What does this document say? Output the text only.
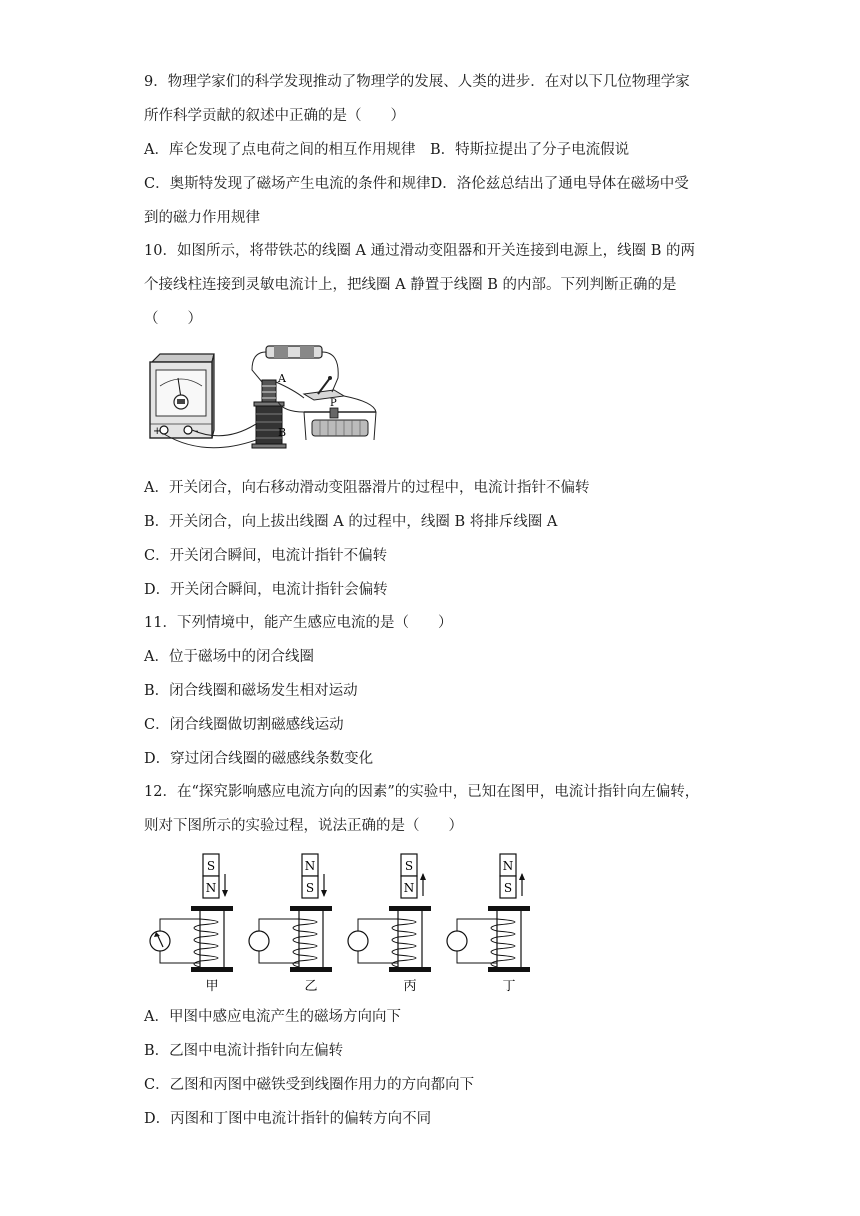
9．物理学家们的科学发现推动了物理学的发展、人类的进步．在对以下几位物理学家
所作科学贡献的叙述中正确的是（　　）
A．库仑发现了点电荷之间的相互作用规律　B．特斯拉提出了分子电流假说
C．奥斯特发现了磁场产生电流的条件和规律D．洛伦兹总结出了通电导体在磁场中受
到的磁力作用规律
10．如图所示，将带铁芯的线圈 A 通过滑动变阻器和开关连接到电源上，线圈 B 的两
个接线柱连接到灵敏电流计上，把线圈 A 静置于线圈 B 的内部。下列判断正确的是
（　　）
+	-
A
B
P
A．开关闭合，向右移动滑动变阻器滑片的过程中，电流计指针不偏转
B．开关闭合，向上拔出线圈 A 的过程中，线圈 B 将排斥线圈 A
C．开关闭合瞬间，电流计指针不偏转
D．开关闭合瞬间，电流计指针会偏转
11．下列情境中，能产生感应电流的是（　　）
A．位于磁场中的闭合线圈
B．闭合线圈和磁场发生相对运动
C．闭合线圈做切割磁感线运动
D．穿过闭合线圈的磁感线条数变化
12．在“探究影响感应电流方向的因素”的实验中，已知在图甲，电流计指针向左偏转，
则对下图所示的实验过程，说法正确的是（　　）
S
N
甲
N
S
乙
S
N
丙
N
S
丁
A．甲图中感应电流产生的磁场方向向下
B．乙图中电流计指针向左偏转
C．乙图和丙图中磁铁受到线圈作用力的方向都向下
D．丙图和丁图中电流计指针的偏转方向不同
